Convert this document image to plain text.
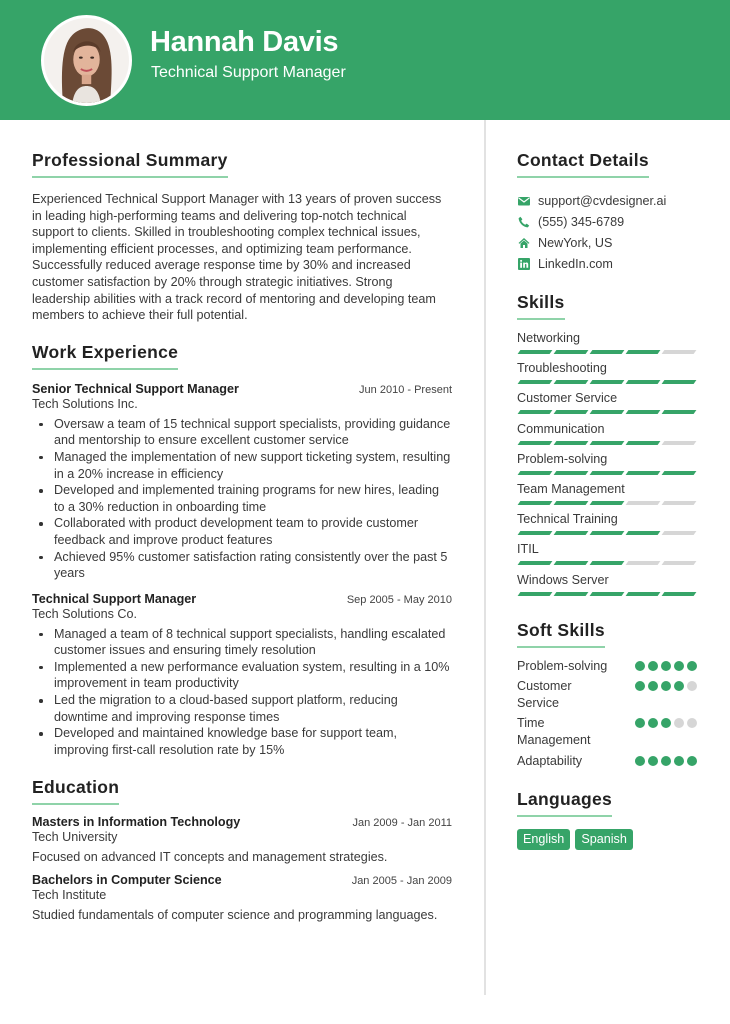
Hannah Davis
Technical Support Manager
Professional Summary

Experienced Technical Support Manager with 13 years of proven success in leading high-performing teams and delivering top-notch technical support to clients. Skilled in troubleshooting complex technical issues, implementing efficient processes, and optimizing team performance. Successfully reduced average response time by 30% and increased customer satisfaction by 20% through strategic initiatives. Strong leadership abilities with a track record of mentoring and developing team members to achieve their full potential.

Work Experience
Senior Technical Support Manager	Jun 2010 - Present
Tech Solutions Inc.
Oversaw a team of 15 technical support specialists, providing guidance and mentorship to ensure excellent customer service
Managed the implementation of new support ticketing system, resulting in a 20% increase in efficiency
Developed and implemented training programs for new hires, leading to a 30% reduction in onboarding time
Collaborated with product development team to provide customer feedback and improve product features
Achieved 95% customer satisfaction rating consistently over the past 5 years
Technical Support Manager	Sep 2005 - May 2010
Tech Solutions Co.
Managed a team of 8 technical support specialists, handling escalated customer issues and ensuring timely resolution
Implemented a new performance evaluation system, resulting in a 10% improvement in team productivity
Led the migration to a cloud-based support platform, reducing downtime and improving response times
Developed and maintained knowledge base for support team, improving first-call resolution rate by 15%
Education
Masters in Information Technology	Jan 2009 - Jan 2011
Tech University
Focused on advanced IT concepts and management strategies.
Bachelors in Computer Science	Jan 2005 - Jan 2009
Tech Institute
Studied fundamentals of computer science and programming languages.
Contact Details
support@cvdesigner.ai
(555) 345-6789
NewYork, US
LinkedIn.com
Skills
Networking
Troubleshooting
Customer Service
Communication
Problem-solving
Team Management
Technical Training
ITIL
Windows Server
Soft Skills
Problem-solving
Customer Service
Time Management
Adaptability
Languages
English	Spanish
